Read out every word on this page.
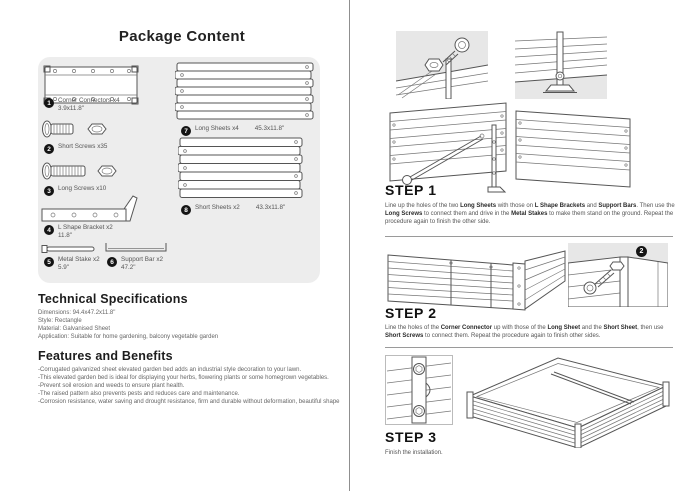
Package Content
1	Corner Connectors x4
3.9x11.8"
2	Short Screws x35
3	Long Screws x10
4	L Shape Bracket x2
11.8"
5	Metal Stake x2
5.9"
6	Support Bar x2
47.2"
7	Long Sheets x4	45.3x11.8"
8	Short Sheets x2	43.3x11.8"
Technical Specifications
Dimensions: 94.4x47.2x11.8"
Style: Rectangle
Material: Galvanised Sheet
Application: Suitable for home gardening, balcony vegetable garden
Features and Benefits
-Corrugated galvanized sheet elevated garden bed adds an industrial style decoration to your lawn.
-This elevated garden bed is ideal for displaying your herbs, flowering plants or some homegrown vegetables.
-Prevent soil erosion and weeds to ensure plant health.
-The raised pattern also prevents pests and reduces care and maintenance.
-Corrosion resistance, water saving and drought resistance, firm and durable without deformation, beautiful shape
STEP 1
Line up the holes of the two Long Sheets with those on L Shape Brackets and Support Bars. Then use the Long Screws to connect them and drive in the Metal Stakes to make them stand on the ground. Repeat the procedure again to finish the other side.
2
STEP 2
Line the holes of the Corner Connector up with those of the Long Sheet and the Short Sheet, then use Short Screws to connect them. Repeat the procedure again to finish other sides.
STEP 3
Finish the installation.
